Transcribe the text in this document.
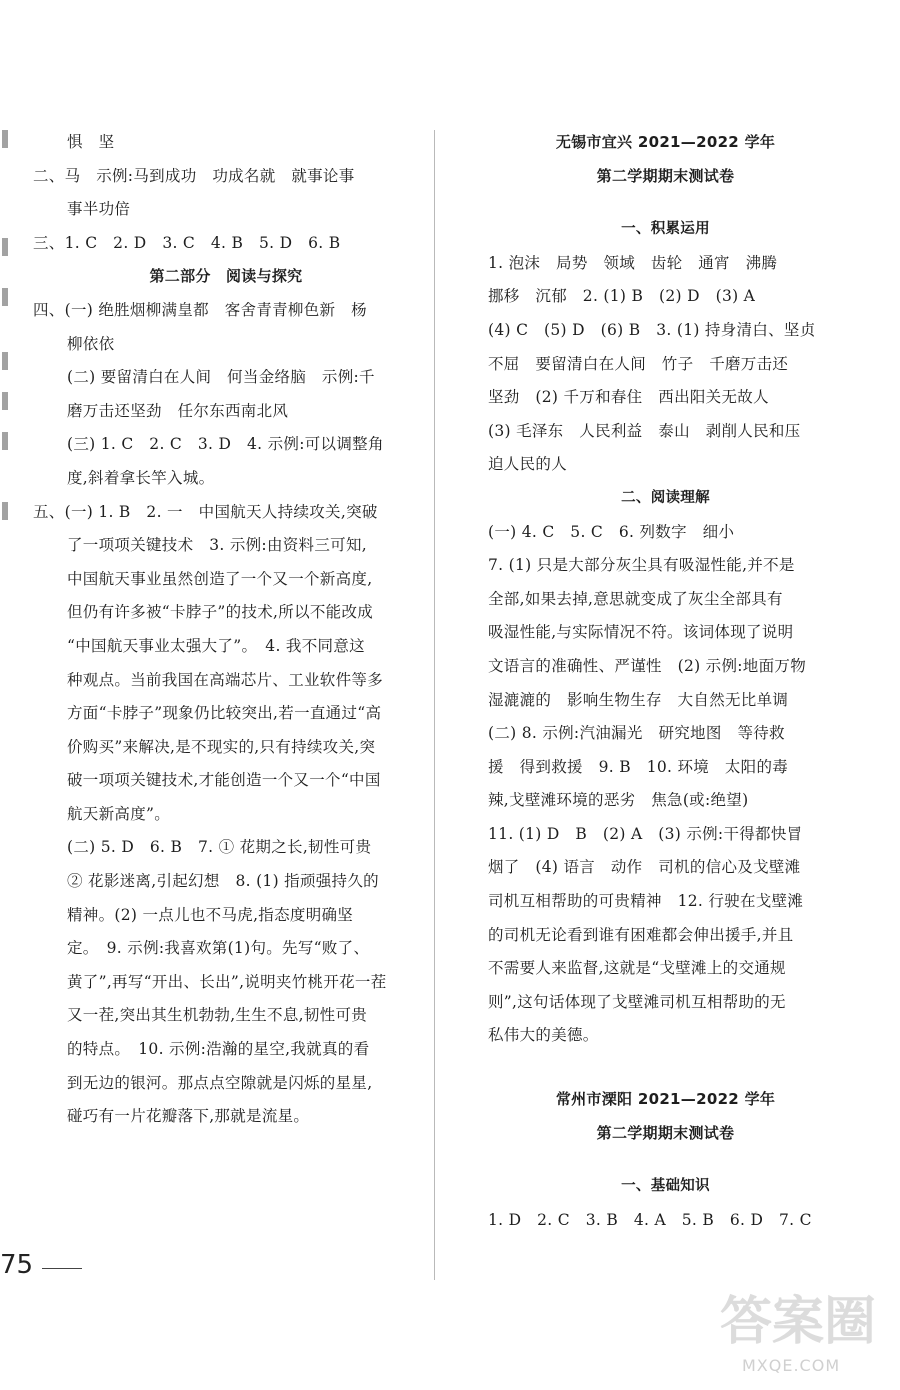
惧　坚
二、马　示例:马到成功　功成名就　就事论事
事半功倍
三、1. C　2. D　3. C　4. B　5. D　6. B
第二部分　阅读与探究
四、(一) 绝胜烟柳满皇都　客舍青青柳色新　杨
柳依依
(二) 要留清白在人间　何当金络脑　示例:千
磨万击还坚劲　任尔东西南北风
(三) 1. C　2. C　3. D　4. 示例:可以调整角
度,斜着拿长竿入城。
五、(一) 1. B　2. 一　中国航天人持续攻关,突破
了一项项关键技术　3. 示例:由资料三可知,
中国航天事业虽然创造了一个又一个新高度,
但仍有许多被“卡脖子”的技术,所以不能改成
“中国航天事业太强大了”。　4. 我不同意这
种观点。当前我国在高端芯片、工业软件等多
方面“卡脖子”现象仍比较突出,若一直通过“高
价购买”来解决,是不现实的,只有持续攻关,突
破一项项关键技术,才能创造一个又一个“中国
航天新高度”。
(二) 5. D　6. B　7. ① 花期之长,韧性可贵
② 花影迷离,引起幻想　8. (1) 指顽强持久的
精神。(2) 一点儿也不马虎,指态度明确坚
定。　9. 示例:我喜欢第(1)句。先写“败了、
黄了”,再写“开出、长出”,说明夹竹桃开花一茬
又一茬,突出其生机勃勃,生生不息,韧性可贵
的特点。　10. 示例:浩瀚的星空,我就真的看
到无边的银河。那点点空隙就是闪烁的星星,
碰巧有一片花瓣落下,那就是流星。
无锡市宜兴 2021—2022 学年
第二学期期末测试卷
一、积累运用
1. 泡沫　局势　领域　齿轮　通宵　沸腾
挪移　沉郁　2. (1) B　(2) D　(3) A
(4) C　(5) D　(6) B　3. (1) 持身清白、坚贞
不屈　要留清白在人间　竹子　千磨万击还
坚劲　(2) 千万和春住　西出阳关无故人
(3) 毛泽东　人民利益　泰山　剥削人民和压
迫人民的人
二、阅读理解
(一) 4. C　5. C　6. 列数字　细小
7. (1) 只是大部分灰尘具有吸湿性能,并不是
全部,如果去掉,意思就变成了灰尘全部具有
吸湿性能,与实际情况不符。该词体现了说明
文语言的准确性、严谨性　(2) 示例:地面万物
湿漉漉的　影响生物生存　大自然无比单调
(二) 8. 示例:汽油漏光　研究地图　等待救
援　得到救援　9. B　10. 环境　太阳的毒
辣,戈壁滩环境的恶劣　焦急(或:绝望)
11. (1) D　B　(2) A　(3) 示例:干得都快冒
烟了　(4) 语言　动作　司机的信心及戈壁滩
司机互相帮助的可贵精神　12. 行驶在戈壁滩
的司机无论看到谁有困难都会伸出援手,并且
不需要人来监督,这就是“戈壁滩上的交通规
则”,这句话体现了戈壁滩司机互相帮助的无
私伟大的美德。
常州市溧阳 2021—2022 学年
第二学期期末测试卷
一、基础知识
1. D　2. C　3. B　4. A　5. B　6. D　7. C
75
答案圈
MXQE.COM
